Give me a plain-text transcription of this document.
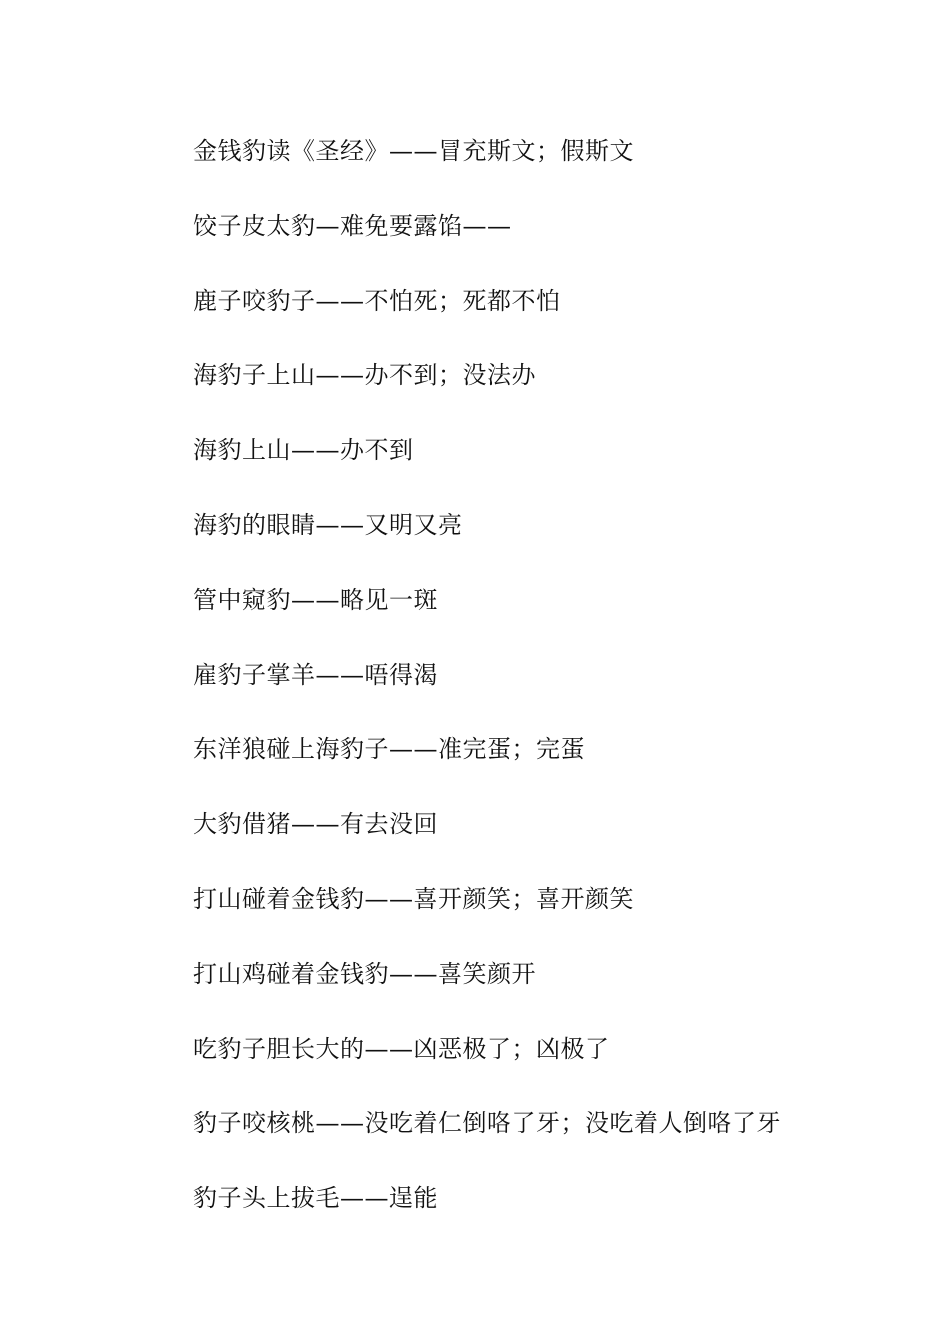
金钱豹读《圣经》——冒充斯文；假斯文
饺子皮太豹—难免要露馅——
鹿子咬豹子——不怕死；死都不怕
海豹子上山——办不到；没法办
海豹上山——办不到
海豹的眼睛——又明又亮
管中窥豹——略见一斑
雇豹子掌羊——唔得渴
东洋狼碰上海豹子——准完蛋；完蛋
大豹借猪——有去没回
打山碰着金钱豹——喜开颜笑；喜开颜笑
打山鸡碰着金钱豹——喜笑颜开
吃豹子胆长大的——凶恶极了；凶极了
豹子咬核桃——没吃着仁倒咯了牙；没吃着人倒咯了牙
豹子头上拔毛——逞能
